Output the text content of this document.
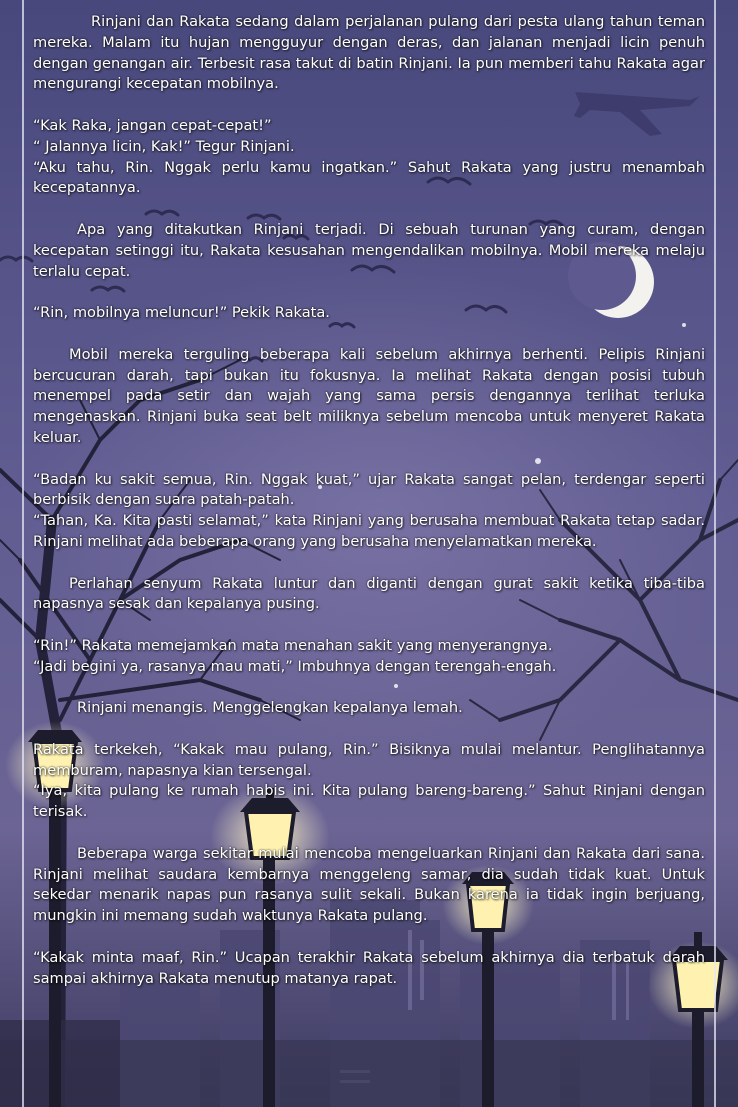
Rinjani dan Rakata sedang dalam perjalanan pulang dari pesta ulang tahun teman mereka. Malam itu hujan mengguyur dengan deras, dan jalanan menjadi licin penuh dengan genangan air. Terbesit rasa takut di batin Rinjani. Ia pun memberi tahu Rakata agar mengurangi kecepatan mobilnya.

“Kak Raka, jangan cepat-cepat!”
“ Jalannya licin, Kak!” Tegur Rinjani.
“Aku tahu, Rin. Nggak perlu kamu ingatkan.” Sahut Rakata yang justru menambah kecepatannya.

Apa yang ditakutkan Rinjani terjadi. Di sebuah turunan yang curam, dengan kecepatan setinggi itu, Rakata kesusahan mengendalikan mobilnya. Mobil mereka melaju terlalu cepat.

“Rin, mobilnya meluncur!” Pekik Rakata.

Mobil mereka terguling beberapa kali sebelum akhirnya berhenti. Pelipis Rinjani bercucuran darah, tapi bukan itu fokusnya. Ia melihat Rakata dengan posisi tubuh menempel pada setir dan wajah yang sama persis dengannya terlihat terluka mengenaskan. Rinjani buka seat belt miliknya sebelum mencoba untuk menyeret Rakata keluar.

“Badan ku sakit semua, Rin. Nggak kuat,” ujar Rakata sangat pelan, terdengar seperti berbisik dengan suara patah-patah.
“Tahan, Ka. Kita pasti selamat,” kata Rinjani yang berusaha membuat Rakata tetap sadar. Rinjani melihat ada beberapa orang yang berusaha menyelamatkan mereka.

Perlahan senyum Rakata luntur dan diganti dengan gurat sakit ketika tiba-tiba napasnya sesak dan kepalanya pusing.

“Rin!” Rakata memejamkan mata menahan sakit yang menyerangnya.
“Jadi begini ya, rasanya mau mati,” Imbuhnya dengan terengah-engah.

Rinjani menangis. Menggelengkan kepalanya lemah.

Rakata terkekeh, “Kakak mau pulang, Rin.” Bisiknya mulai melantur. Penglihatannya memburam, napasnya kian tersengal.
“Iya, kita pulang ke rumah habis ini. Kita pulang bareng-bareng.” Sahut Rinjani dengan terisak.

Beberapa warga sekitar mulai mencoba mengeluarkan Rinjani dan Rakata dari sana. Rinjani melihat saudara kembarnya menggeleng samar, dia sudah tidak kuat. Untuk sekedar menarik napas pun rasanya sulit sekali. Bukan karena ia tidak ingin berjuang, mungkin ini memang sudah waktunya Rakata pulang.

“Kakak minta maaf, Rin.” Ucapan terakhir Rakata sebelum akhirnya dia terbatuk darah sampai akhirnya Rakata menutup matanya rapat.
